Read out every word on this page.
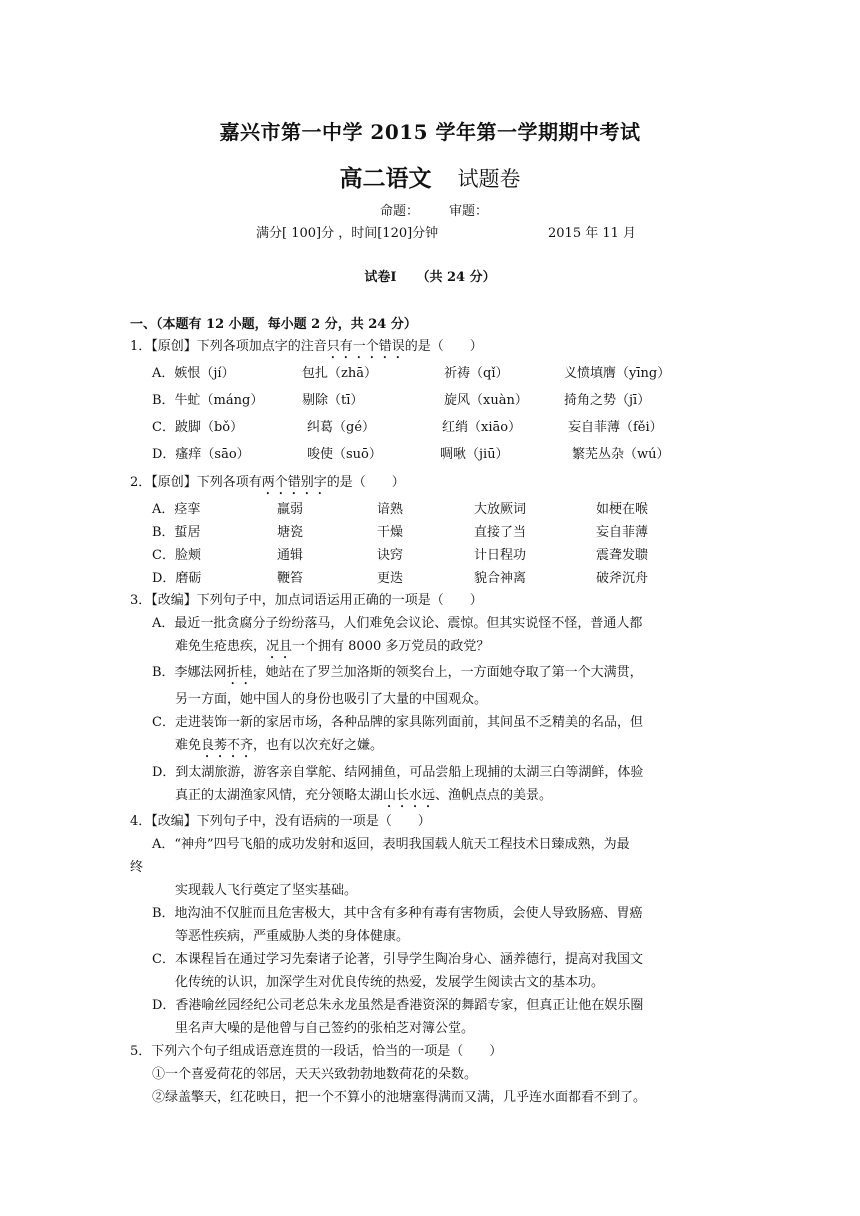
嘉兴市第一中学 2015 学年第一学期期中考试
高二语文 试题卷
命题： 审题：
满分[ 100]分 ，时间[120]分钟	2015 年 11 月
试卷Ⅰ （共 24 分）
一、（本题有 12 小题，每小题 2 分，共 24 分）
1．【原创】下列各项加点字的注音只有一个错误的是（　　）
A．嫉恨（jí）	包扎（zhā）	祈祷（qǐ）	义愤填膺（yīng）
B．牛虻（máng）	剔除（tī）	旋风（xuàn）	掎角之势（jī）
C．跛脚（bǒ）	纠葛（gé）	红绡（xiāo）	妄自菲薄（fěi）
D．瘙痒（sāo）	唆使（suō）	啁啾（jiū）	繁芜丛杂（wú）
2．【原创】下列各项有两个错别字的是（　　）
A．痉挛	羸弱	谙熟	大放厥词	如梗在喉
B．蜇居	塘瓷	干燥	直接了当	妄自菲薄
C．脸颊	通辑	诀窍	计日程功	震聋发聩
D．磨砺	鞭笞	更迭	貌合神离	破斧沉舟
3．【改编】下列句子中，加点词语运用正确的一项是（　　）
A．最近一批贪腐分子纷纷落马，人们难免会议论、震惊。但其实说怪不怪，普通人都
难免生疮患疾，况且一个拥有 8000 多万党员的政党？
B．李娜法网折桂，她站在了罗兰加洛斯的领奖台上，一方面她夺取了第一个大满贯，
另一方面，她中国人的身份也吸引了大量的中国观众。
C．走进装饰一新的家居市场，各种品牌的家具陈列面前，其间虽不乏精美的名品，但
难免良莠不齐，也有以次充好之嫌。
D．到太湖旅游，游客亲自掌舵、结网捕鱼，可品尝船上现捕的太湖三白等湖鲜，体验
真正的太湖渔家风情，充分领略太湖山长水远、渔帆点点的美景。
4．【改编】下列句子中，没有语病的一项是（　　）
A．“神舟”四号飞船的成功发射和返回，表明我国载人航天工程技术日臻成熟，为最
终
实现载人飞行奠定了坚实基础。
B．地沟油不仅脏而且危害极大，其中含有多种有毒有害物质，会使人导致肠癌、胃癌
等恶性疾病，严重威胁人类的身体健康。
C．本课程旨在通过学习先秦诸子论著，引导学生陶冶身心、涵养德行，提高对我国文
化传统的认识，加深学生对优良传统的热爱，发展学生阅读古文的基本功。
D．香港喻丝园经纪公司老总朱永龙虽然是香港资深的舞蹈专家，但真正让他在娱乐圈
里名声大噪的是他曾与自己签约的张柏芝对簿公堂。
5．下列六个句子组成语意连贯的一段话，恰当的一项是（　　）
①一个喜爱荷花的邻居，天天兴致勃勃地数荷花的朵数。
②绿盖擎天，红花映日，把一个不算小的池塘塞得满而又满，几乎连水面都看不到了。
